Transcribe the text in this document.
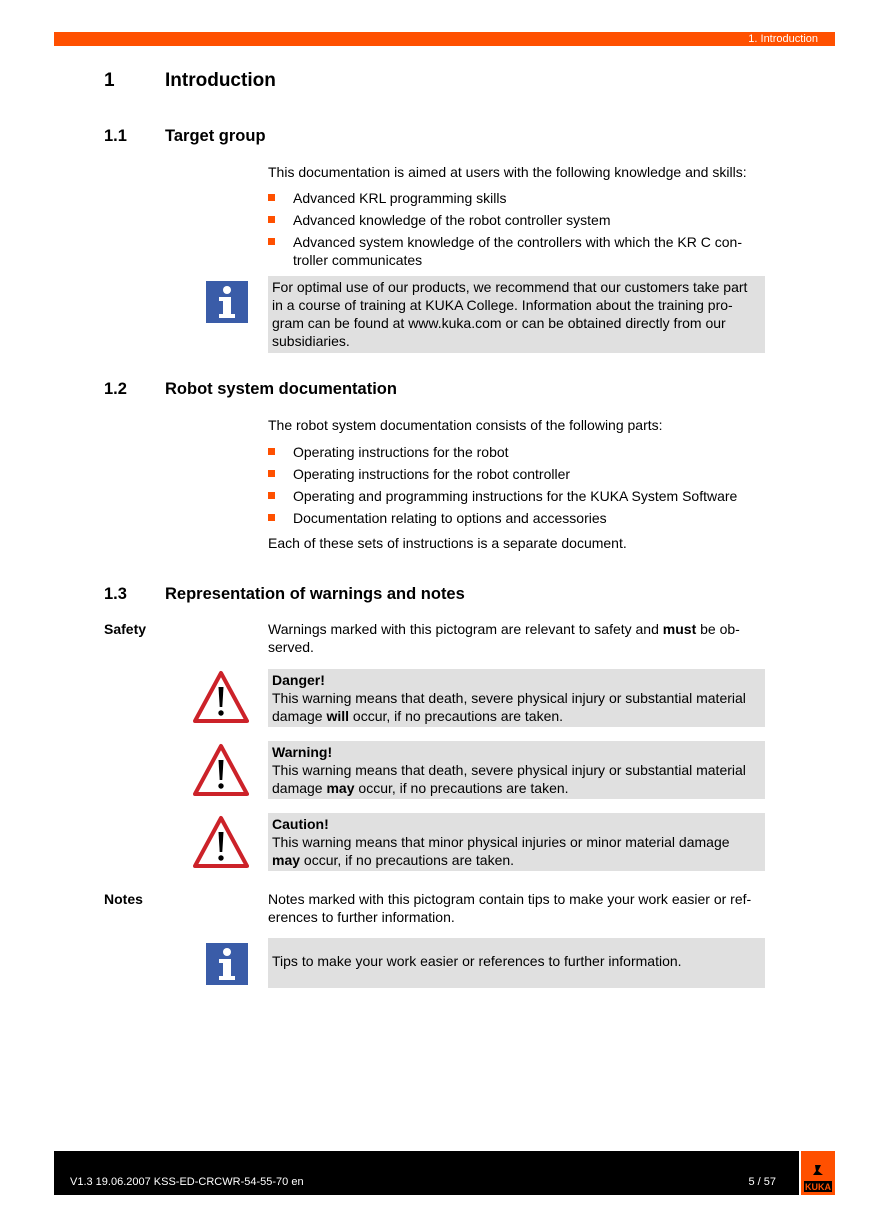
1. Introduction
1	Introduction
1.1 Target group
This documentation is aimed at users with the following knowledge and skills:
Advanced KRL programming skills
Advanced knowledge of the robot controller system
Advanced system knowledge of the controllers with which the KR C con-
troller communicates
For optimal use of our products, we recommend that our customers take part
in a course of training at KUKA College. Information about the training pro-
gram can be found at www.kuka.com or can be obtained directly from our
subsidiaries.
1.2 Robot system documentation
The robot system documentation consists of the following parts:
Operating instructions for the robot
Operating instructions for the robot controller
Operating and programming instructions for the KUKA System Software
Documentation relating to options and accessories
Each of these sets of instructions is a separate document.
1.3 Representation of warnings and notes
Safety	Warnings marked with this pictogram are relevant to safety and must be ob-
served.
Danger!
This warning means that death, severe physical injury or substantial material
damage will occur, if no precautions are taken.
Warning!
This warning means that death, severe physical injury or substantial material
damage may occur, if no precautions are taken.
Caution!
This warning means that minor physical injuries or minor material damage
may occur, if no precautions are taken.
Notes	Notes marked with this pictogram contain tips to make your work easier or ref-
erences to further information.
Tips to make your work easier or references to further information.
V1.3 19.06.2007 KSS-ED-CRCWR-54-55-70 en	5 / 57	KUKA
